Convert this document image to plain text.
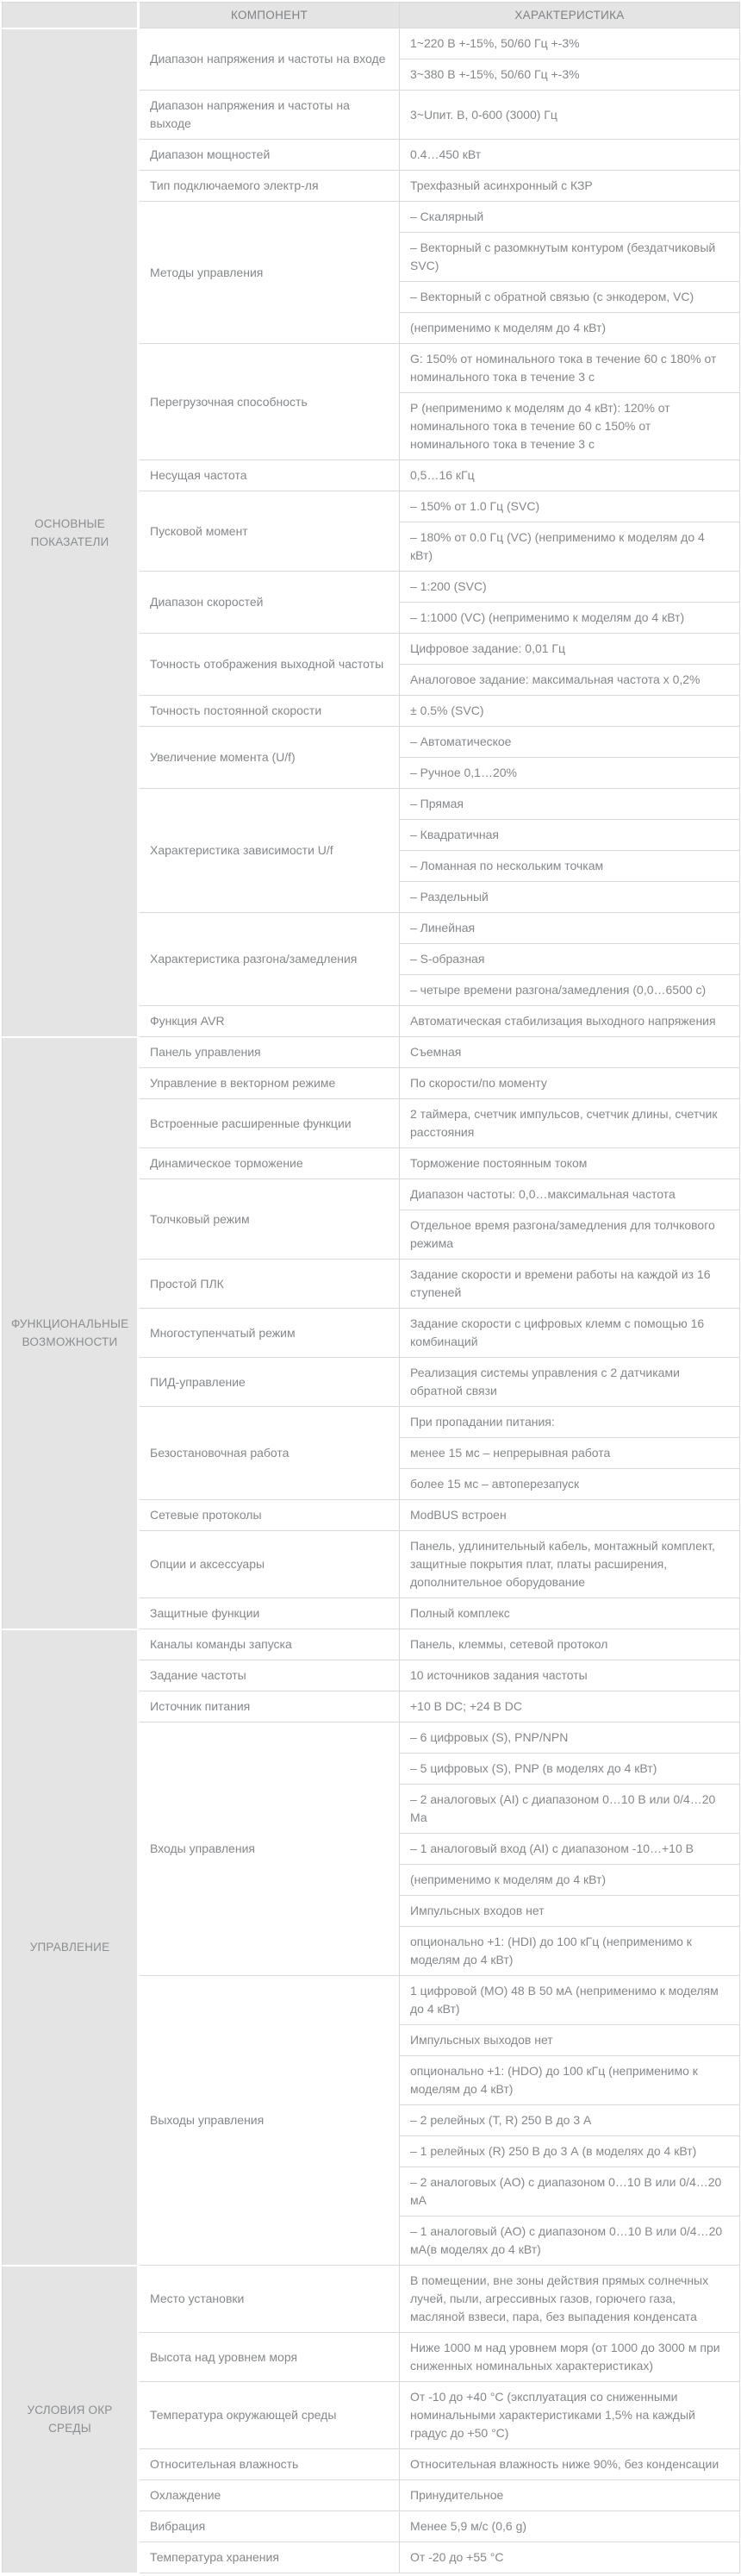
	КОМПОНЕНТ	ХАРАКТЕРИСТИКА
ОСНОВНЫЕ ПОКАЗАТЕЛИ	Диапазон напряжения и частоты на входе	1~220 В +-15%, 50/60 Гц +-3%
		3~380 В +-15%, 50/60 Гц +-3%
	Диапазон напряжения и частоты на выходе	3~Uпит. В, 0-600 (3000) Гц
	Диапазон мощностей	0.4…450 кВт
	Тип подключаемого электр-ля	Трехфазный асинхронный с КЗР
	Методы управления	– Скалярный
		– Векторный с разомкнутым контуром (бездатчиковый SVC)
		– Векторный с обратной связью (с энкодером, VC)
		(неприменимо к моделям до 4 кВт)
	Перегрузочная способность	G: 150% от номинального тока в течение 60 с 180% от номинального тока в течение 3 с
		Р (неприменимо к моделям до 4 кВт): 120% от номинального тока в течение 60 с 150% от номинального тока в течение 3 с
	Несущая частота	0,5…16 кГц
	Пусковой момент	– 150% от 1.0 Гц (SVC)
		– 180% от 0.0 Гц (VC) (неприменимо к моделям до 4 кВт)
	Диапазон скоростей	– 1:200 (SVC)
		– 1:1000 (VC) (неприменимо к моделям до 4 кВт)
	Точность отображения выходной частоты	Цифровое задание: 0,01 Гц
		Аналоговое задание: максимальная частота x 0,2%
	Точность постоянной скорости	± 0.5% (SVC)
	Увеличение момента (U/f)	– Автоматическое
		– Ручное 0,1…20%
	Характеристика зависимости U/f	– Прямая
		– Квадратичная
		– Ломанная по нескольким точкам
		– Раздельный
	Характеристика разгона/замедления	– Линейная
		– S-образная
		– четыре времени разгона/замедления (0,0…6500 с)
	Функция AVR	Автоматическая стабилизация выходного напряжения
ФУНКЦИОНАЛЬНЫЕ ВОЗМОЖНОСТИ	Панель управления	Съемная
	Управление в векторном режиме	По скорости/по моменту
	Встроенные расширенные функции	2 таймера, счетчик импульсов, счетчик длины, счетчик расстояния
	Динамическое торможение	Торможение постоянным током
	Толчковый режим	Диапазон частоты: 0,0…максимальная частота
		Отдельное время разгона/замедления для толчкового режима
	Простой ПЛК	Задание скорости и времени работы на каждой из 16 ступеней
	Многоступенчатый режим	Задание скорости с цифровых клемм с помощью 16 комбинаций
	ПИД-управление	Реализация системы управления с 2 датчиками обратной связи
	Безостановочная работа	При пропадании питания:
		менее 15 мс – непрерывная работа
		более 15 мс – автоперезапуск
	Сетевые протоколы	ModBUS встроен
	Опции и аксессуары	Панель, удлинительный кабель, монтажный комплект, защитные покрытия плат, платы расширения, дополнительное оборудование
	Защитные функции	Полный комплекс
УПРАВЛЕНИЕ	Каналы команды запуска	Панель, клеммы, сетевой протокол
	Задание частоты	10 источников задания частоты
	Источник питания	+10 В DC; +24 В DC
	Входы управления	– 6 цифровых (S), PNP/NPN
		– 5 цифровых (S), PNP (в моделях до 4 кВт)
		– 2 аналоговых (AI) с диапазоном 0…10 В или 0/4…20 Ма
		– 1 аналоговый вход (AI) с диапазоном -10…+10 В
		(неприменимо к моделям до 4 кВт)
		Импульсных входов нет
		опционально +1: (HDI) до 100 кГц (неприменимо к моделям до 4 кВт)
	Выходы управления	1 цифровой (MO) 48 В 50 мА (неприменимо к моделям до 4 кВт)
		Импульсных выходов нет
		опционально +1: (HDO) до 100 кГц (неприменимо к моделям до 4 кВт)
		– 2 релейных (T, R) 250 В до 3 А
		– 1 релейных (R) 250 В до 3 А (в моделях до 4 кВт)
		– 2 аналоговых (AO) с диапазоном 0…10 В или 0/4…20 мА
		– 1 аналоговый (AO) с диапазоном 0…10 В или 0/4…20 мА(в моделях до 4 кВт)
УСЛОВИЯ ОКР СРЕДЫ	Место установки	В помещении, вне зоны действия прямых солнечных лучей, пыли, агрессивных газов, горючего газа, масляной взвеси, пара, без выпадения конденсата
	Высота над уровнем моря	Ниже 1000 м над уровнем моря (от 1000 до 3000 м при сниженных номинальных характеристиках)
	Температура окружающей среды	От -10 до +40 °C (эксплуатация со сниженными номинальными характеристиками 1,5% на каждый градус до +50 °C)
	Относительная влажность	Относительная влажность ниже 90%, без конденсации
	Охлаждение	Принудительное
	Вибрация	Менее 5,9 м/с (0,6 g)
	Температура хранения	От -20 до +55 °C
